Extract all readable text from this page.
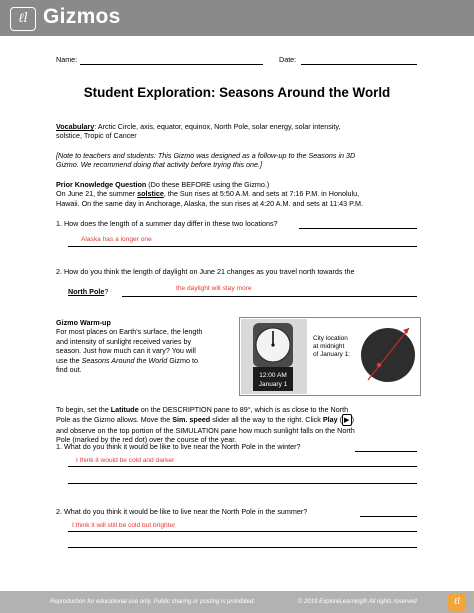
ℓl Gizmos
Name:	Date:
Student Exploration: Seasons Around the World
Vocabulary: Arctic Circle, axis, equator, equinox, North Pole, solar energy, solar intensity,
solstice, Tropic of Cancer
[Note to teachers and students: This Gizmo was designed as a follow-up to the Seasons in 3D
Gizmo. We recommend doing that activity before trying this one.]
Prior Knowledge Question (Do these BEFORE using the Gizmo.)
On June 21, the summer solstice, the Sun rises at 5:50 A.M. and sets at 7:16 P.M. in Honolulu,
Hawaii. On the same day in Anchorage, Alaska, the sun rises at 4:20 A.M. and sets at 11:43 P.M.
1. How does the length of a summer day differ in these two locations?
Alaska has a longer one
2. How do you think the length of daylight on June 21 changes as you travel north towards the
North Pole?	the daylight will stay more
Gizmo Warm-up
For most places on Earth's surface, the length
and intensity of sunlight received varies by
season. Just how much can it vary? You will
use the Seasons Around the World Gizmo to
find out.
12:00 AM
January 1
City location
at midnight
of January 1:
To begin, set the Latitude on the DESCRIPTION pane to 89°, which is as close to the North
Pole as the Gizmo allows. Move the Sim. speed slider all the way to the right. Click Play ( ▶ )
and observe on the top portion of the SIMULATION pane how much sunlight falls on the North
Pole (marked by the red dot) over the course of the year.
1. What do you think it would be like to live near the North Pole in the winter?
I think it would be cold and darker
2. What do you think it would be like to live near the North Pole in the summer?
I think it will still be cold but brighter
Reproduction for educational use only. Public sharing or posting is prohibited.	© 2019 ExploreLearning® All rights reserved	ℓl
